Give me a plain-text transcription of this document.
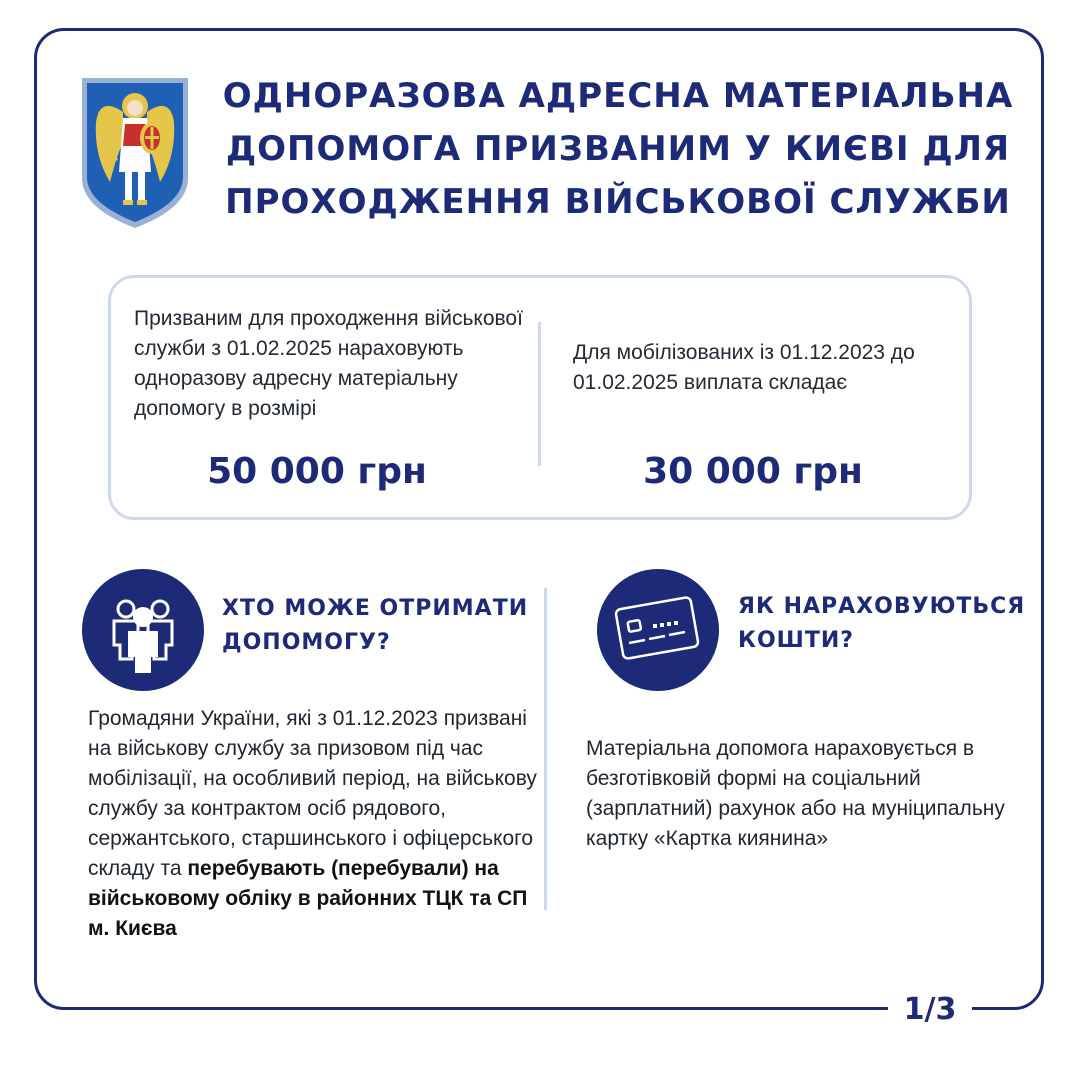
1/3
ОДНОРАЗОВА АДРЕСНА МАТЕРІАЛЬНА ДОПОМОГА ПРИЗВАНИМ У КИЄВІ ДЛЯ ПРОХОДЖЕННЯ ВІЙСЬКОВОЇ СЛУЖБИ
Призваним для проходження військової служби з 01.02.2025 нараховують одноразову адресну матеріальну допомогу в розмірі
50 000 грн
Для мобілізованих із 01.12.2023 до 01.02.2025 виплата складає
30 000 грн
ХТО МОЖЕ ОТРИМАТИ ДОПОМОГУ?
Громадяни України, які з 01.12.2023 призвані на військову службу за призовом під час мобілізації, на особливий період, на військову службу за контрактом осіб рядового, сержантського, старшинського і офіцерського складу та перебувають (перебували) на військовому обліку в районних ТЦК та СП м. Києва
ЯК НАРАХОВУЮТЬСЯ КОШТИ?
Матеріальна допомога нараховується в безготівковій формі на соціальний (зарплатний) рахунок або на муніципальну картку «Картка киянина»
